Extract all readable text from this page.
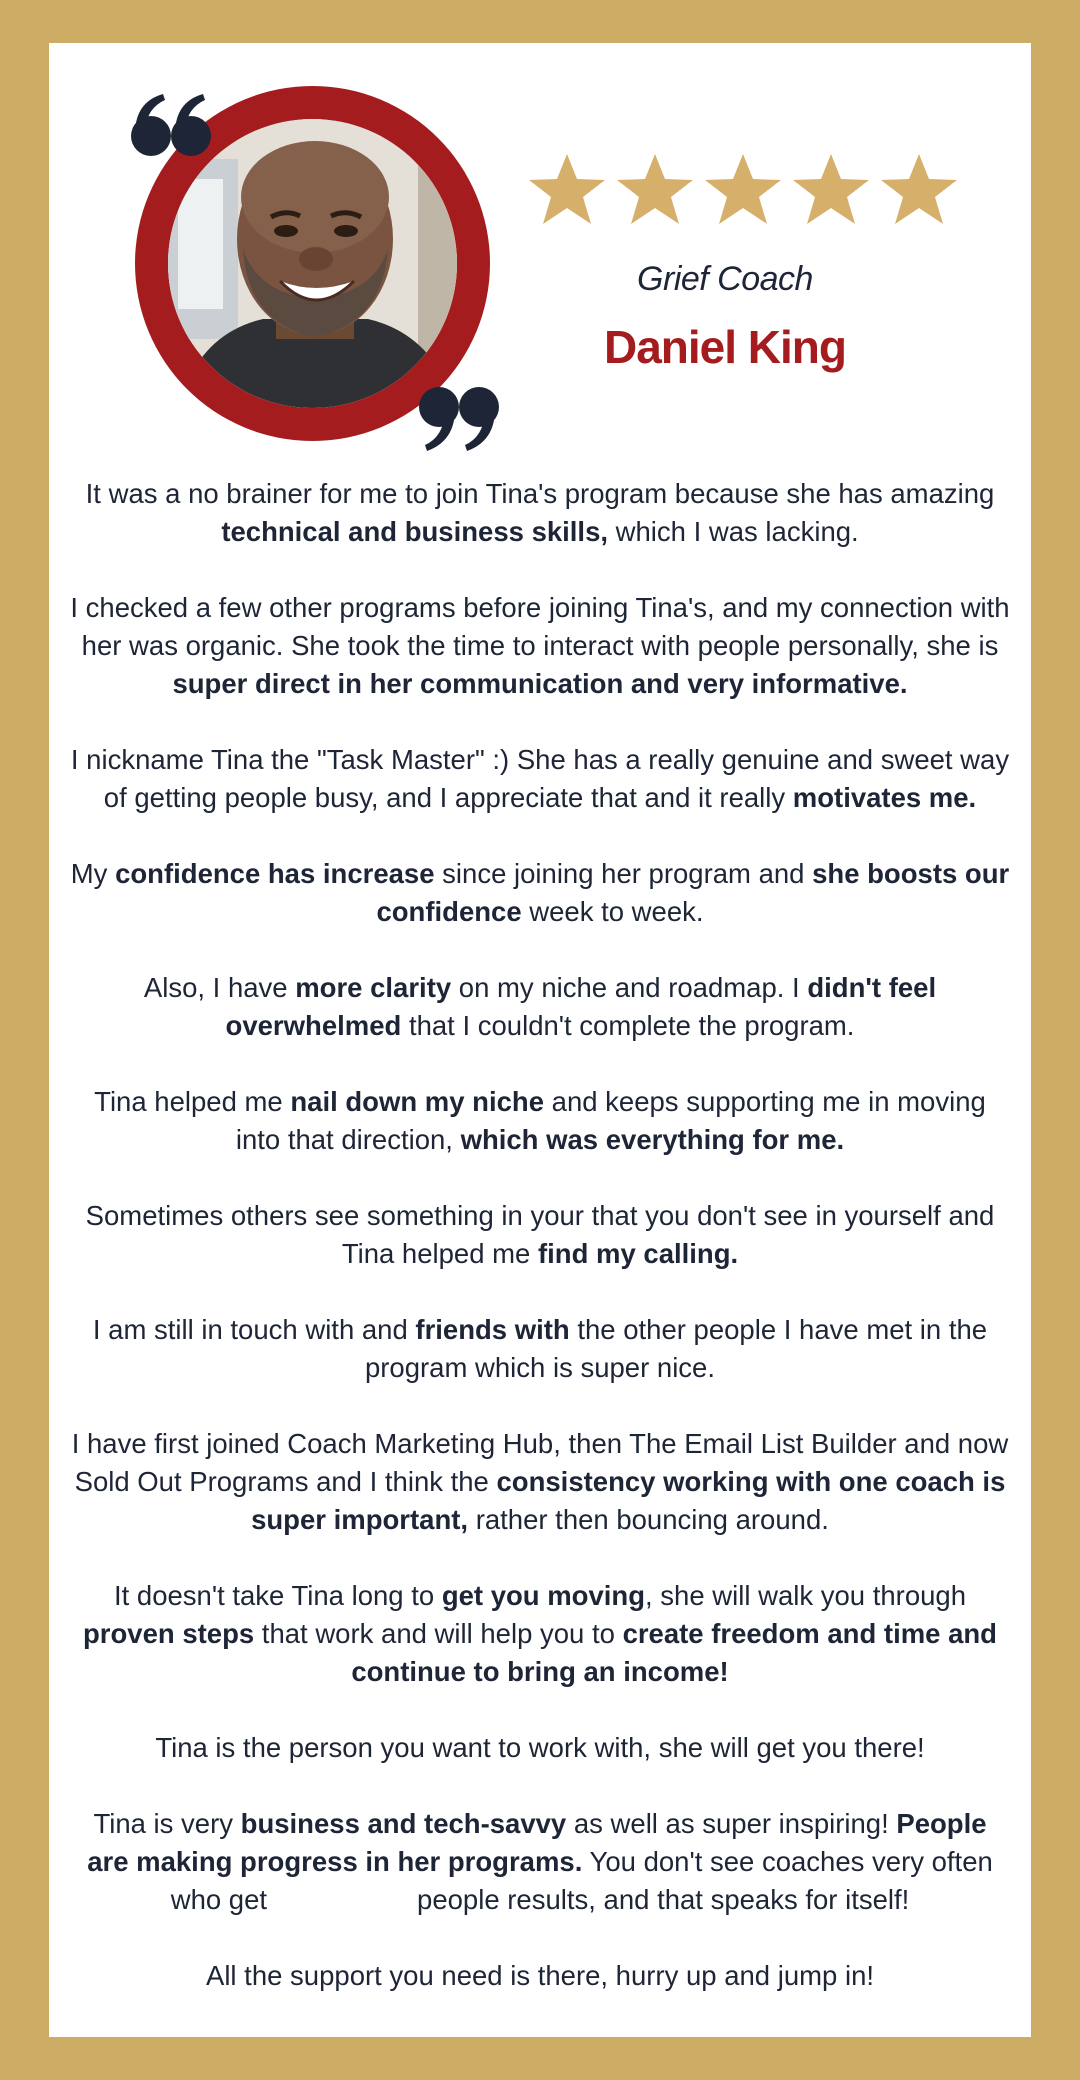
Grief Coach
Daniel King

It was a no brainer for me to join Tina's program because she has amazing technical and business skills, which I was lacking.

I checked a few other programs before joining Tina's, and my connection with her was organic. She took the time to interact with people personally, she is super direct in her communication and very informative.

I nickname Tina the "Task Master" :) She has a really genuine and sweet way of getting people busy, and I appreciate that and it really motivates me.

My confidence has increase since joining her program and she boosts our confidence week to week.

Also, I have more clarity on my niche and roadmap. I didn't feel overwhelmed that I couldn't complete the program.

Tina helped me nail down my niche and keeps supporting me in moving into that direction, which was everything for me.

Sometimes others see something in your that you don't see in yourself and Tina helped me find my calling.

I am still in touch with and friends with the other people I have met in the program which is super nice.

I have first joined Coach Marketing Hub, then The Email List Builder and now Sold Out Programs and I think the consistency working with one coach is super important, rather then bouncing around.

It doesn't take Tina long to get you moving, she will walk you through proven steps that work and will help you to create freedom and time and continue to bring an income!

Tina is the person you want to work with, she will get you there!

Tina is very business and tech-savvy as well as super inspiring! People are making progress in her programs. You don't see coaches very often who get	people results, and that speaks for itself!

All the support you need is there, hurry up and jump in!
